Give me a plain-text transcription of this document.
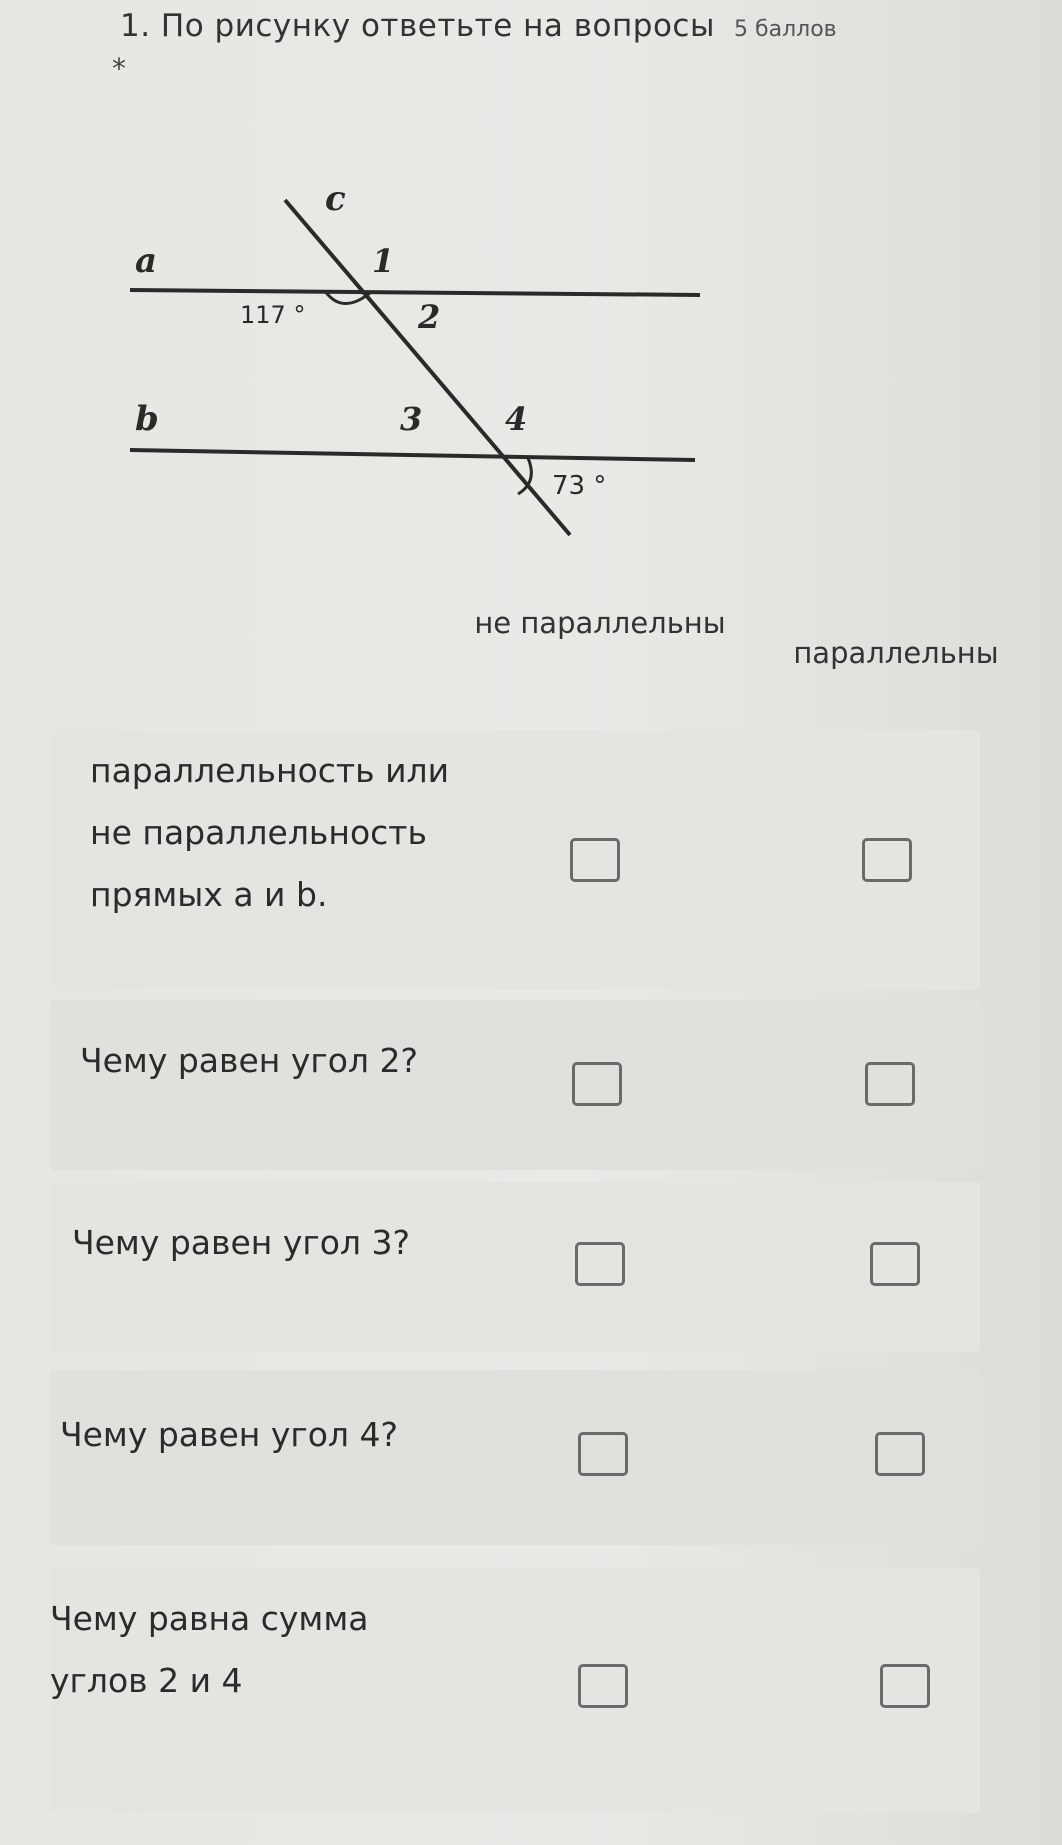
1. По рисунку ответьте на вопросы 5 баллов
*
a
b
c
1
2
3	4
117 °
73 °
не параллельны
параллельны
параллельность или не параллельность прямых a и b.
Чему равен угол 2?
Чему равен угол 3?
Чему равен угол 4?
Чему равна сумма углов 2 и 4
